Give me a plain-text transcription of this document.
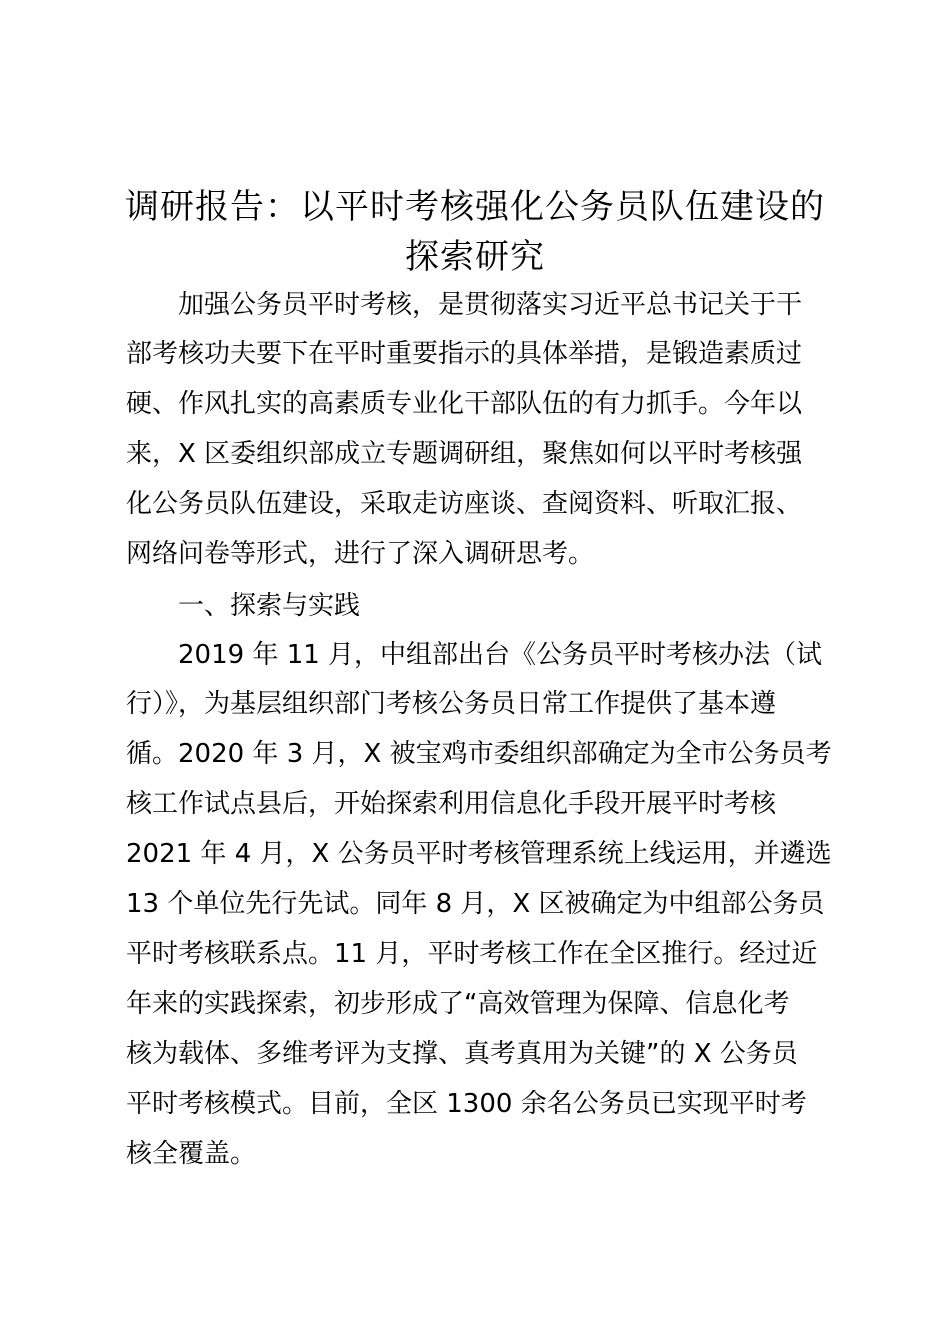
调研报告：以平时考核强化公务员队伍建设的
探索研究
加强公务员平时考核，是贯彻落实习近平总书记关于干
部考核功夫要下在平时重要指示的具体举措，是锻造素质过
硬、作风扎实的高素质专业化干部队伍的有力抓手。今年以
来，X 区委组织部成立专题调研组，聚焦如何以平时考核强
化公务员队伍建设，采取走访座谈、查阅资料、听取汇报、
网络问卷等形式，进行了深入调研思考。
一、探索与实践
2019 年 11 月，中组部出台《公务员平时考核办法（试
行）》，为基层组织部门考核公务员日常工作提供了基本遵
循。2020 年 3 月，X 被宝鸡市委组织部确定为全市公务员考
核工作试点县后，开始探索利用信息化手段开展平时考核
2021 年 4 月，X 公务员平时考核管理系统上线运用，并遴选
13 个单位先行先试。同年 8 月，X 区被确定为中组部公务员
平时考核联系点。11 月，平时考核工作在全区推行。经过近
年来的实践探索，初步形成了“高效管理为保障、信息化考
核为载体、多维考评为支撑、真考真用为关键”的 X 公务员
平时考核模式。目前，全区 1300 余名公务员已实现平时考
核全覆盖。
